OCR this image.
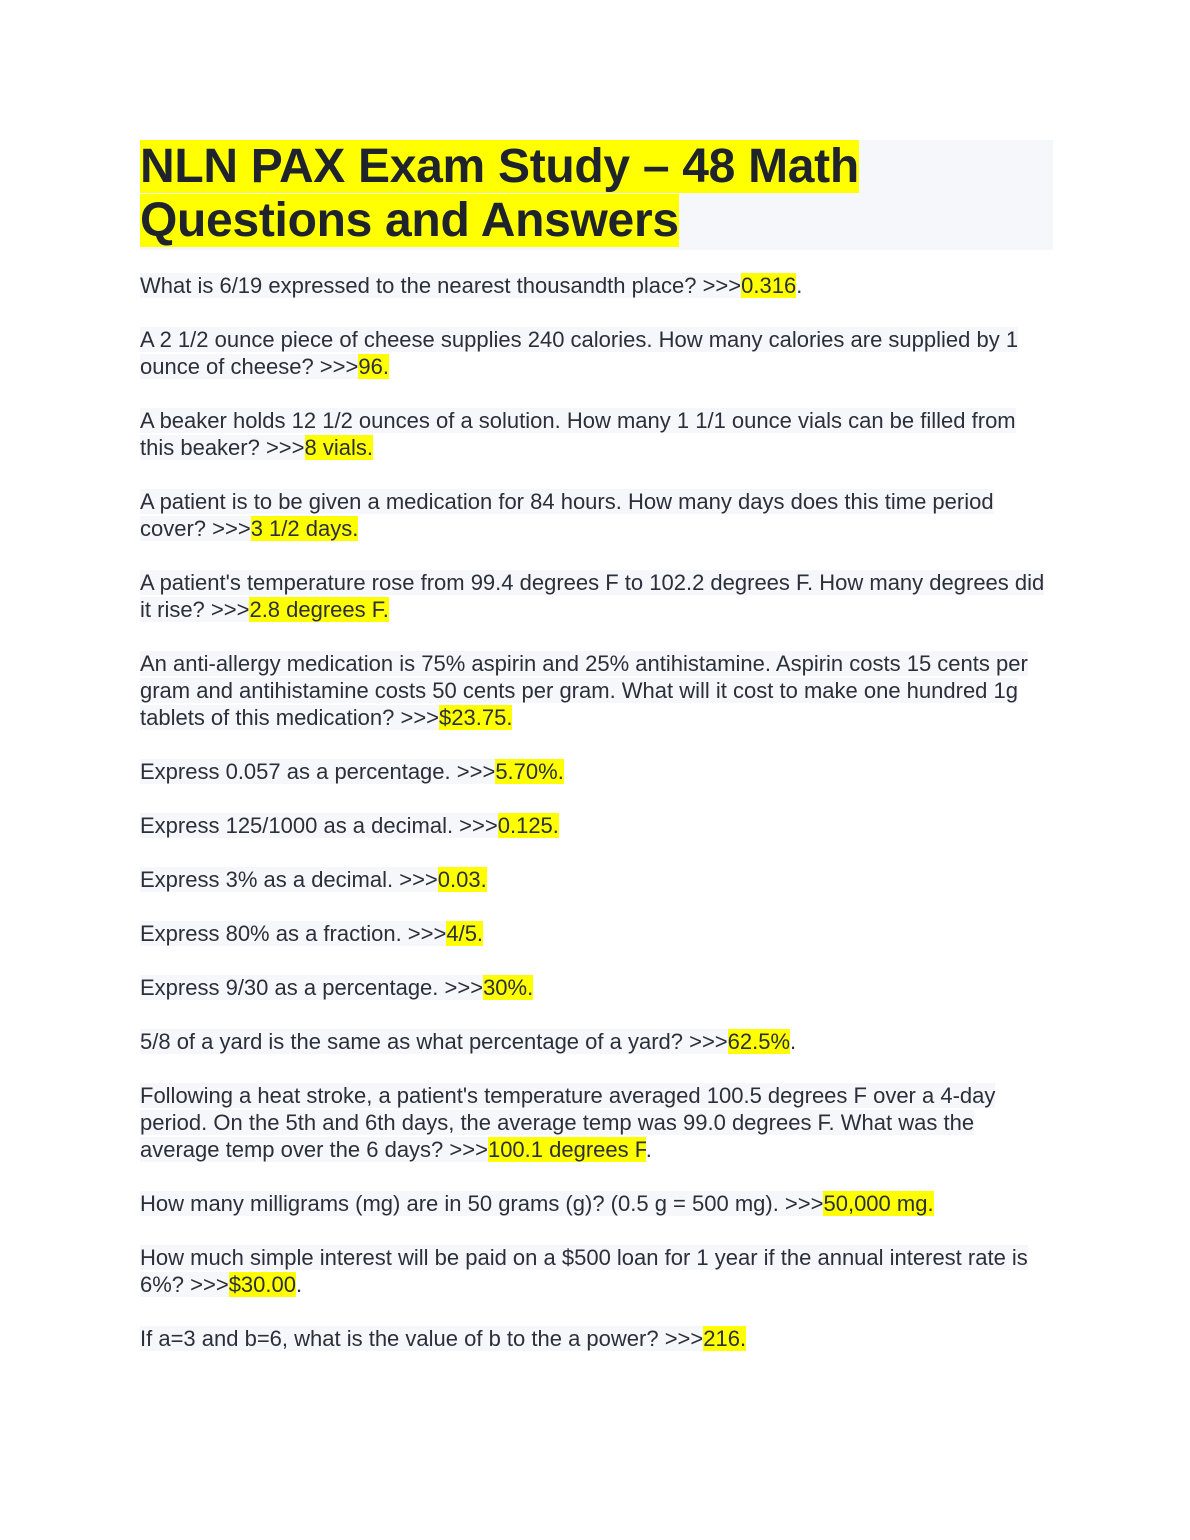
NLN PAX Exam Study – 48 Math Questions and Answers
What is 6/19 expressed to the nearest thousandth place? >>>0.316.
A 2 1/2 ounce piece of cheese supplies 240 calories. How many calories are supplied by 1 ounce of cheese? >>>96.
A beaker holds 12 1/2 ounces of a solution. How many 1 1/1 ounce vials can be filled from this beaker? >>>8 vials.
A patient is to be given a medication for 84 hours. How many days does this time period cover? >>>3 1/2 days.
A patient's temperature rose from 99.4 degrees F to 102.2 degrees F. How many degrees did it rise? >>>2.8 degrees F.
An anti-allergy medication is 75% aspirin and 25% antihistamine. Aspirin costs 15 cents per gram and antihistamine costs 50 cents per gram. What will it cost to make one hundred 1g tablets of this medication? >>>$23.75.
Express 0.057 as a percentage. >>>5.70%.
Express 125/1000 as a decimal. >>>0.125.
Express 3% as a decimal. >>>0.03.
Express 80% as a fraction. >>>4/5.
Express 9/30 as a percentage. >>>30%.
5/8 of a yard is the same as what percentage of a yard? >>>62.5%.
Following a heat stroke, a patient's temperature averaged 100.5 degrees F over a 4-day period. On the 5th and 6th days, the average temp was 99.0 degrees F. What was the average temp over the 6 days? >>>100.1 degrees F.
How many milligrams (mg) are in 50 grams (g)? (0.5 g = 500 mg). >>>50,000 mg.
How much simple interest will be paid on a $500 loan for 1 year if the annual interest rate is 6%? >>>$30.00.
If a=3 and b=6, what is the value of b to the a power? >>>216.
